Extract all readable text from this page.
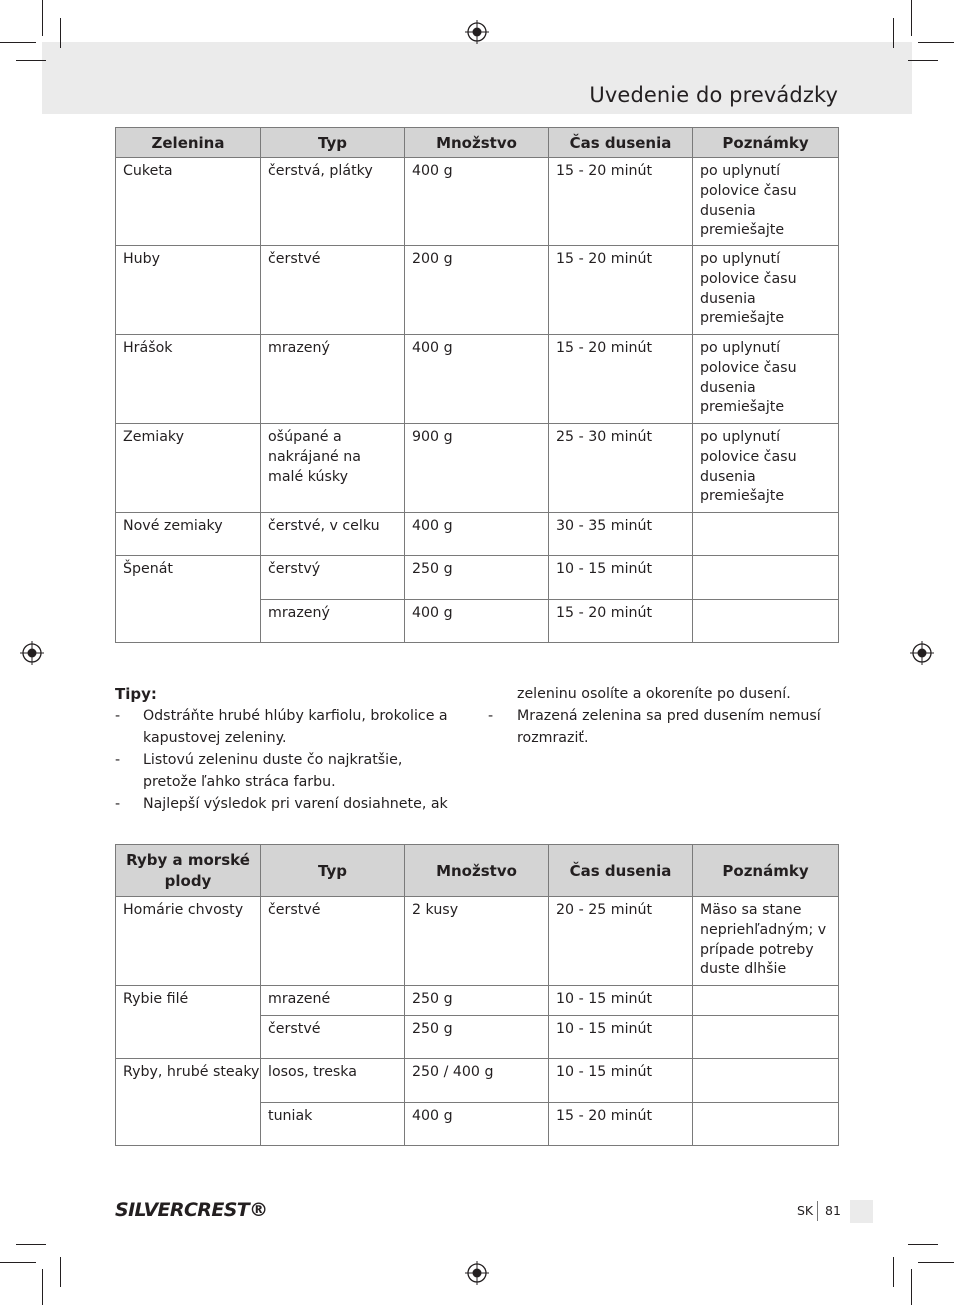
Uvedenie do prevádzky
Zelenina	Typ	Množstvo	Čas dusenia	Poznámky
Cuketa	čerstvá, plátky	400 g	15 - 20 minút	po uplynutí polovice času dusenia premiešajte

Huby	čerstvé	200 g	15 - 20 minút	po uplynutí polovice času dusenia premiešajte

Hrášok	mrazený	400 g	15 - 20 minút	po uplynutí polovice času dusenia premiešajte

Zemiaky	ošúpané a nakrájané na malé kúsky	900 g	25 - 30 minút	po uplynutí polovice času dusenia premiešajte

Nové zemiaky	čerstvé, v celku	400 g	30 - 35 minút	
Špenát	čerstvý	250 g	10 - 15 minút	
	mrazený	400 g	15 - 20 minút	
Tipy:
- Odstráňte hrubé hlúby karfiolu, brokolice a kapustovej zeleniny.
- Listovú zeleninu duste čo najkratšie, pretože ľahko stráca farbu.
- Najlepší výsledok pri varení dosiahnete, ak
zeleninu osolíte a okoreníte po dusení.
- Mrazená zelenina sa pred dusením nemusí rozmraziť.
Ryby a morské plody	Typ	Množstvo	Čas dusenia	Poznámky
Homárie chvosty	čerstvé	2 kusy	20 - 25 minút	Mäso sa stane nepriehľadným; v prípade potreby duste dlhšie

Rybie filé	mrazené	250 g	10 - 15 minút	
	čerstvé	250 g	10 - 15 minút	
Ryby, hrubé steaky	losos, treska	250 / 400 g	10 - 15 minút	
	tuniak	400 g	15 - 20 minút	
SILVERCREST®	SK 81
